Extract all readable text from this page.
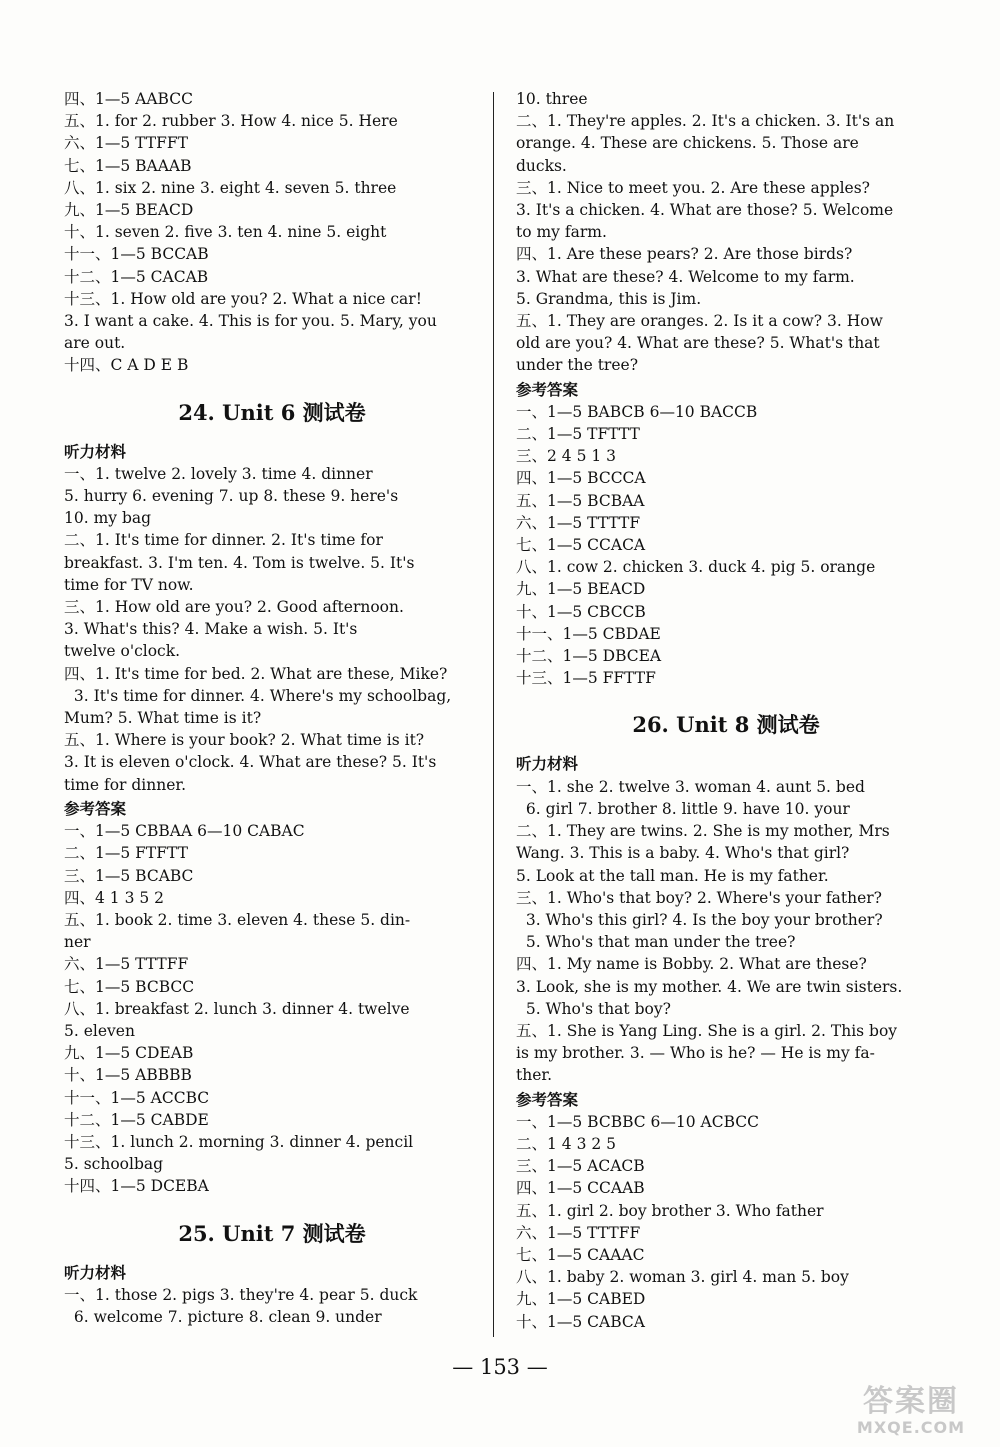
四、1—5 AABCC
五、1. for 2. rubber 3. How 4. nice 5. Here
六、1—5 TTFFT
七、1—5 BAAAB
八、1. six 2. nine 3. eight 4. seven 5. three
九、1—5 BEACD
十、1. seven 2. five 3. ten 4. nine 5. eight
十一、1—5 BCCAB
十二、1—5 CACAB
十三、1. How old are you? 2. What a nice car!
3. I want a cake. 4. This is for you. 5. Mary, you
are out.
十四、C A D E B
24. Unit 6 测试卷
听力材料
一、1. twelve 2. lovely 3. time 4. dinner
5. hurry 6. evening 7. up 8. these 9. here's
10. my bag
二、1. It's time for dinner. 2. It's time for
breakfast. 3. I'm ten. 4. Tom is twelve. 5. It's
time for TV now.
三、1. How old are you? 2. Good afternoon.
3. What's this? 4. Make a wish. 5. It's
twelve o'clock.
四、1. It's time for bed. 2. What are these, Mike?
3. It's time for dinner. 4. Where's my schoolbag,
Mum? 5. What time is it?
五、1. Where is your book? 2. What time is it?
3. It is eleven o'clock. 4. What are these? 5. It's
time for dinner.
参考答案
一、1—5 CBBAA 6—10 CABAC
二、1—5 FTFTT
三、1—5 BCABC
四、4 1 3 5 2
五、1. book 2. time 3. eleven 4. these 5. din-
ner
六、1—5 TTTFF
七、1—5 BCBCC
八、1. breakfast 2. lunch 3. dinner 4. twelve
5. eleven
九、1—5 CDEAB
十、1—5 ABBBB
十一、1—5 ACCBC
十二、1—5 CABDE
十三、1. lunch 2. morning 3. dinner 4. pencil
5. schoolbag
十四、1—5 DCEBA
25. Unit 7 测试卷
听力材料
一、1. those 2. pigs 3. they're 4. pear 5. duck
6. welcome 7. picture 8. clean 9. under
10. three
二、1. They're apples. 2. It's a chicken. 3. It's an
orange. 4. These are chickens. 5. Those are
ducks.
三、1. Nice to meet you. 2. Are these apples?
3. It's a chicken. 4. What are those? 5. Welcome
to my farm.
四、1. Are these pears? 2. Are those birds?
3. What are these? 4. Welcome to my farm.
5. Grandma, this is Jim.
五、1. They are oranges. 2. Is it a cow? 3. How
old are you? 4. What are these? 5. What's that
under the tree?
参考答案
一、1—5 BABCB 6—10 BACCB
二、1—5 TFTTT
三、2 4 5 1 3
四、1—5 BCCCA
五、1—5 BCBAA
六、1—5 TTTTF
七、1—5 CCACA
八、1. cow 2. chicken 3. duck 4. pig 5. orange
九、1—5 BEACD
十、1—5 CBCCB
十一、1—5 CBDAE
十二、1—5 DBCEA
十三、1—5 FFTTF
26. Unit 8 测试卷
听力材料
一、1. she 2. twelve 3. woman 4. aunt 5. bed
6. girl 7. brother 8. little 9. have 10. your
二、1. They are twins. 2. She is my mother, Mrs
Wang. 3. This is a baby. 4. Who's that girl?
5. Look at the tall man. He is my father.
三、1. Who's that boy? 2. Where's your father?
3. Who's this girl? 4. Is the boy your brother?
5. Who's that man under the tree?
四、1. My name is Bobby. 2. What are these?
3. Look, she is my mother. 4. We are twin sisters.
5. Who's that boy?
五、1. She is Yang Ling. She is a girl. 2. This boy
is my brother. 3. — Who is he? — He is my fa-
ther.
参考答案
一、1—5 BCBBC 6—10 ACBCC
二、1 4 3 2 5
三、1—5 ACACB
四、1—5 CCAAB
五、1. girl 2. boy brother 3. Who father
六、1—5 TTTFF
七、1—5 CAAAC
八、1. baby 2. woman 3. girl 4. man 5. boy
九、1—5 CABED
十、1—5 CABCA
— 153 —
答案圈
MXQE.COM
